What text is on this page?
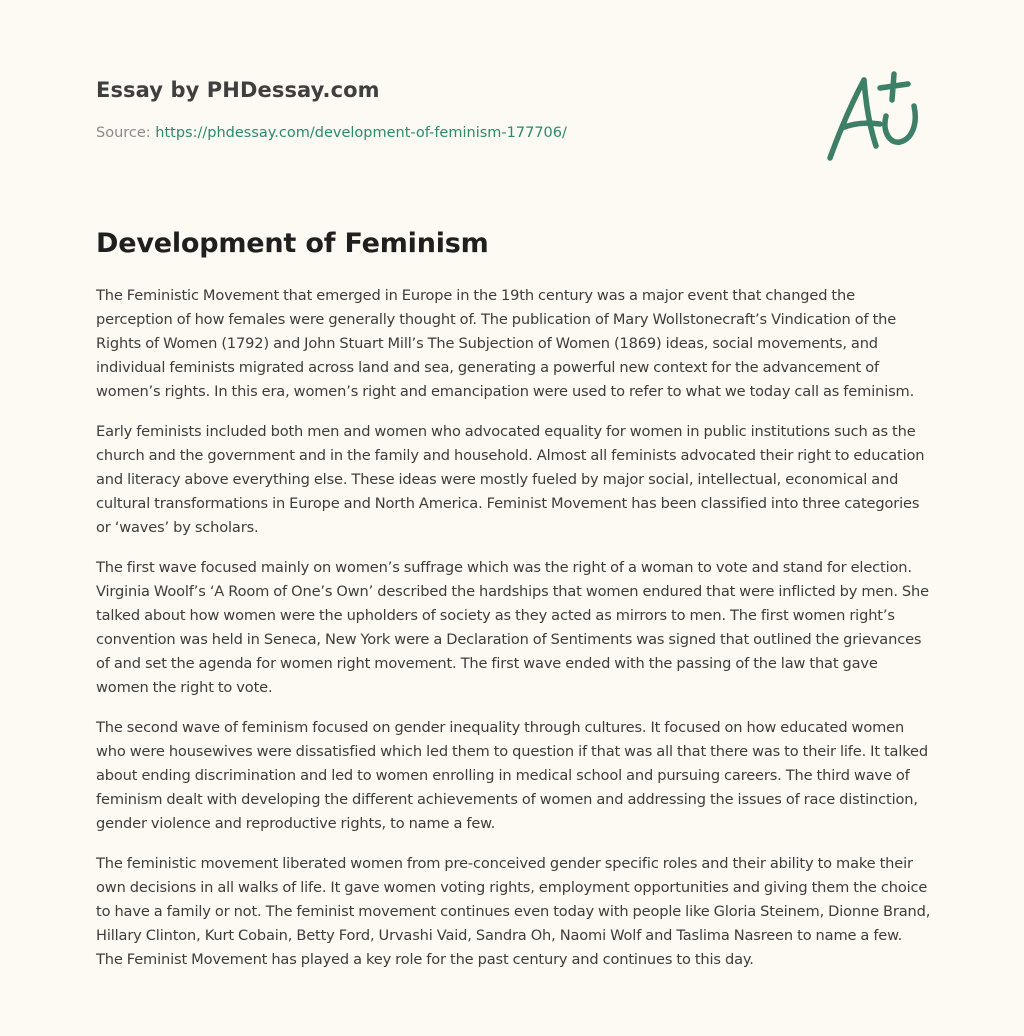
Essay by PHDessay.com
Source: https://phdessay.com/development-of-feminism-177706/
Development of Feminism

The Feministic Movement that emerged in Europe in the 19th century was a major event that changed the perception of how females were generally thought of. The publication of Mary Wollstonecraft’s Vindication of the Rights of Women (1792) and John Stuart Mill’s The Subjection of Women (1869) ideas, social movements, and individual feminists migrated across land and sea, generating a powerful new context for the advancement of women’s rights. In this era, women’s right and emancipation were used to refer to what we today call as feminism.

Early feminists included both men and women who advocated equality for women in public institutions such as the church and the government and in the family and household. Almost all feminists advocated their right to education and literacy above everything else. These ideas were mostly fueled by major social, intellectual, economical and cultural transformations in Europe and North America. Feminist Movement has been classified into three categories or ‘waves’ by scholars.

The first wave focused mainly on women’s suffrage which was the right of a woman to vote and stand for election. Virginia Woolf’s ‘A Room of One’s Own’ described the hardships that women endured that were inflicted by men. She talked about how women were the upholders of society as they acted as mirrors to men. The first women right’s convention was held in Seneca, New York were a Declaration of Sentiments was signed that outlined the grievances of and set the agenda for women right movement. The first wave ended with the passing of the law that gave women the right to vote.

The second wave of feminism focused on gender inequality through cultures. It focused on how educated women who were housewives were dissatisfied which led them to question if that was all that there was to their life. It talked about ending discrimination and led to women enrolling in medical school and pursuing careers. The third wave of feminism dealt with developing the different achievements of women and addressing the issues of race distinction, gender violence and reproductive rights, to name a few.

The feministic movement liberated women from pre-conceived gender specific roles and their ability to make their own decisions in all walks of life. It gave women voting rights, employment opportunities and giving them the choice to have a family or not. The feminist movement continues even today with people like Gloria Steinem, Dionne Brand, Hillary Clinton, Kurt Cobain, Betty Ford, Urvashi Vaid, Sandra Oh, Naomi Wolf and Taslima Nasreen to name a few. The Feminist Movement has played a key role for the past century and continues to this day.
